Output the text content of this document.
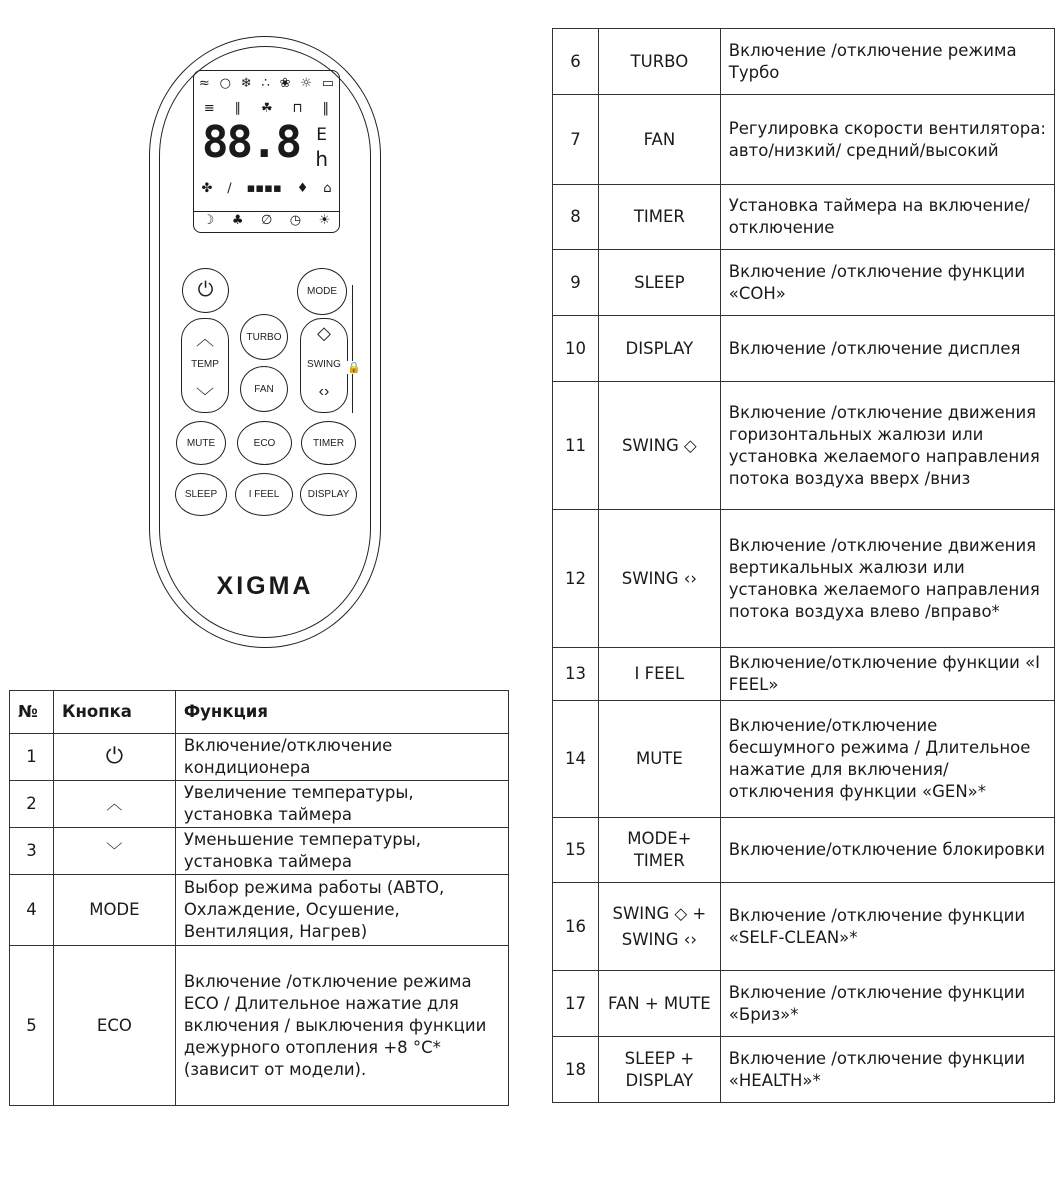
≈ ○ ❄ ∴ ❀ ☼ ▭
≡ ∥ ☘ ⊓ ‖
88.8 E
h
✤ ∕ ▪▪▪▪ ♦ ⌂
☽ ♣ ∅ ◷ ☀
⏻	MODE
︿
TEMP
﹀
TURBO
FAN
◇
SWING
‹›
🔒
MUTE	ECO	TIMER
SLEEP	I FEEL	DISPLAY
XIGMA
№	Кнопка	Функция
1	⏻	Включение/отключение кондиционера
2	︿	Увеличение температуры, установка таймера
3	﹀	Уменьшение температуры, установка таймера
4	MODE	Выбор режима работы (АВТО, Охлаждение, Осушение, Вентиляция, Нагрев)
5	ECO	Включение /отключение режима ECO / Длительное нажатие для включения / выключения функции дежурного отопления +8 °C* (зависит от модели).
6	TURBO	Включение /отключение режима Турбо
7	FAN	Регулировка скорости вентилятора: авто/низкий/ средний/высокий
8	TIMER	Установка таймера на включение/отключение
9	SLEEP	Включение /отключение функции «СОН»
10	DISPLAY	Включение /отключение дисплея
11	SWING ◇	Включение /отключение движения горизонтальных жалюзи или установка желаемого направления потока воздуха вверх /вниз
12	SWING ‹›	Включение /отключение движения вертикальных жалюзи или установка желаемого направления потока воздуха влево /вправо*
13	I FEEL	Включение/отключение функции «I FEEL»
14	MUTE	Включение/отключение бесшумного режима / Длительное нажатие для включения/отключения функции «GEN»*
15	MODE+ TIMER	Включение/отключение блокировки
16	SWING ◇ + SWING ‹›	Включение /отключение функции «SELF-CLEAN»*
17	FAN + MUTE	Включение /отключение функции «Бриз»*
18	SLEEP + DISPLAY	Включение /отключение функции «HEALTH»*
